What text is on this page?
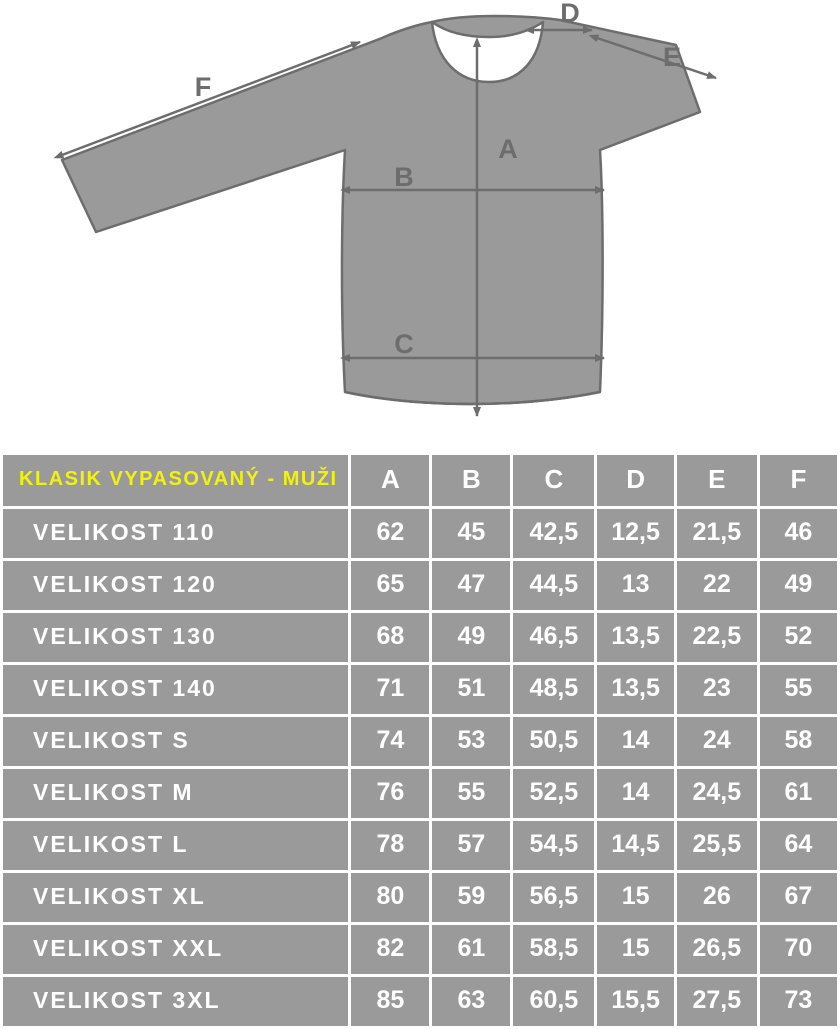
F
D
E
A
B
C
KLASIK VYPASOVANÝ - MUŽI	A	B	C	D	E	F
VELIKOST 110	62	45	42,5	12,5	21,5	46
VELIKOST 120	65	47	44,5	13	22	49
VELIKOST 130	68	49	46,5	13,5	22,5	52
VELIKOST 140	71	51	48,5	13,5	23	55
VELIKOST S	74	53	50,5	14	24	58
VELIKOST M	76	55	52,5	14	24,5	61
VELIKOST L	78	57	54,5	14,5	25,5	64
VELIKOST XL	80	59	56,5	15	26	67
VELIKOST XXL	82	61	58,5	15	26,5	70
VELIKOST 3XL	85	63	60,5	15,5	27,5	73
